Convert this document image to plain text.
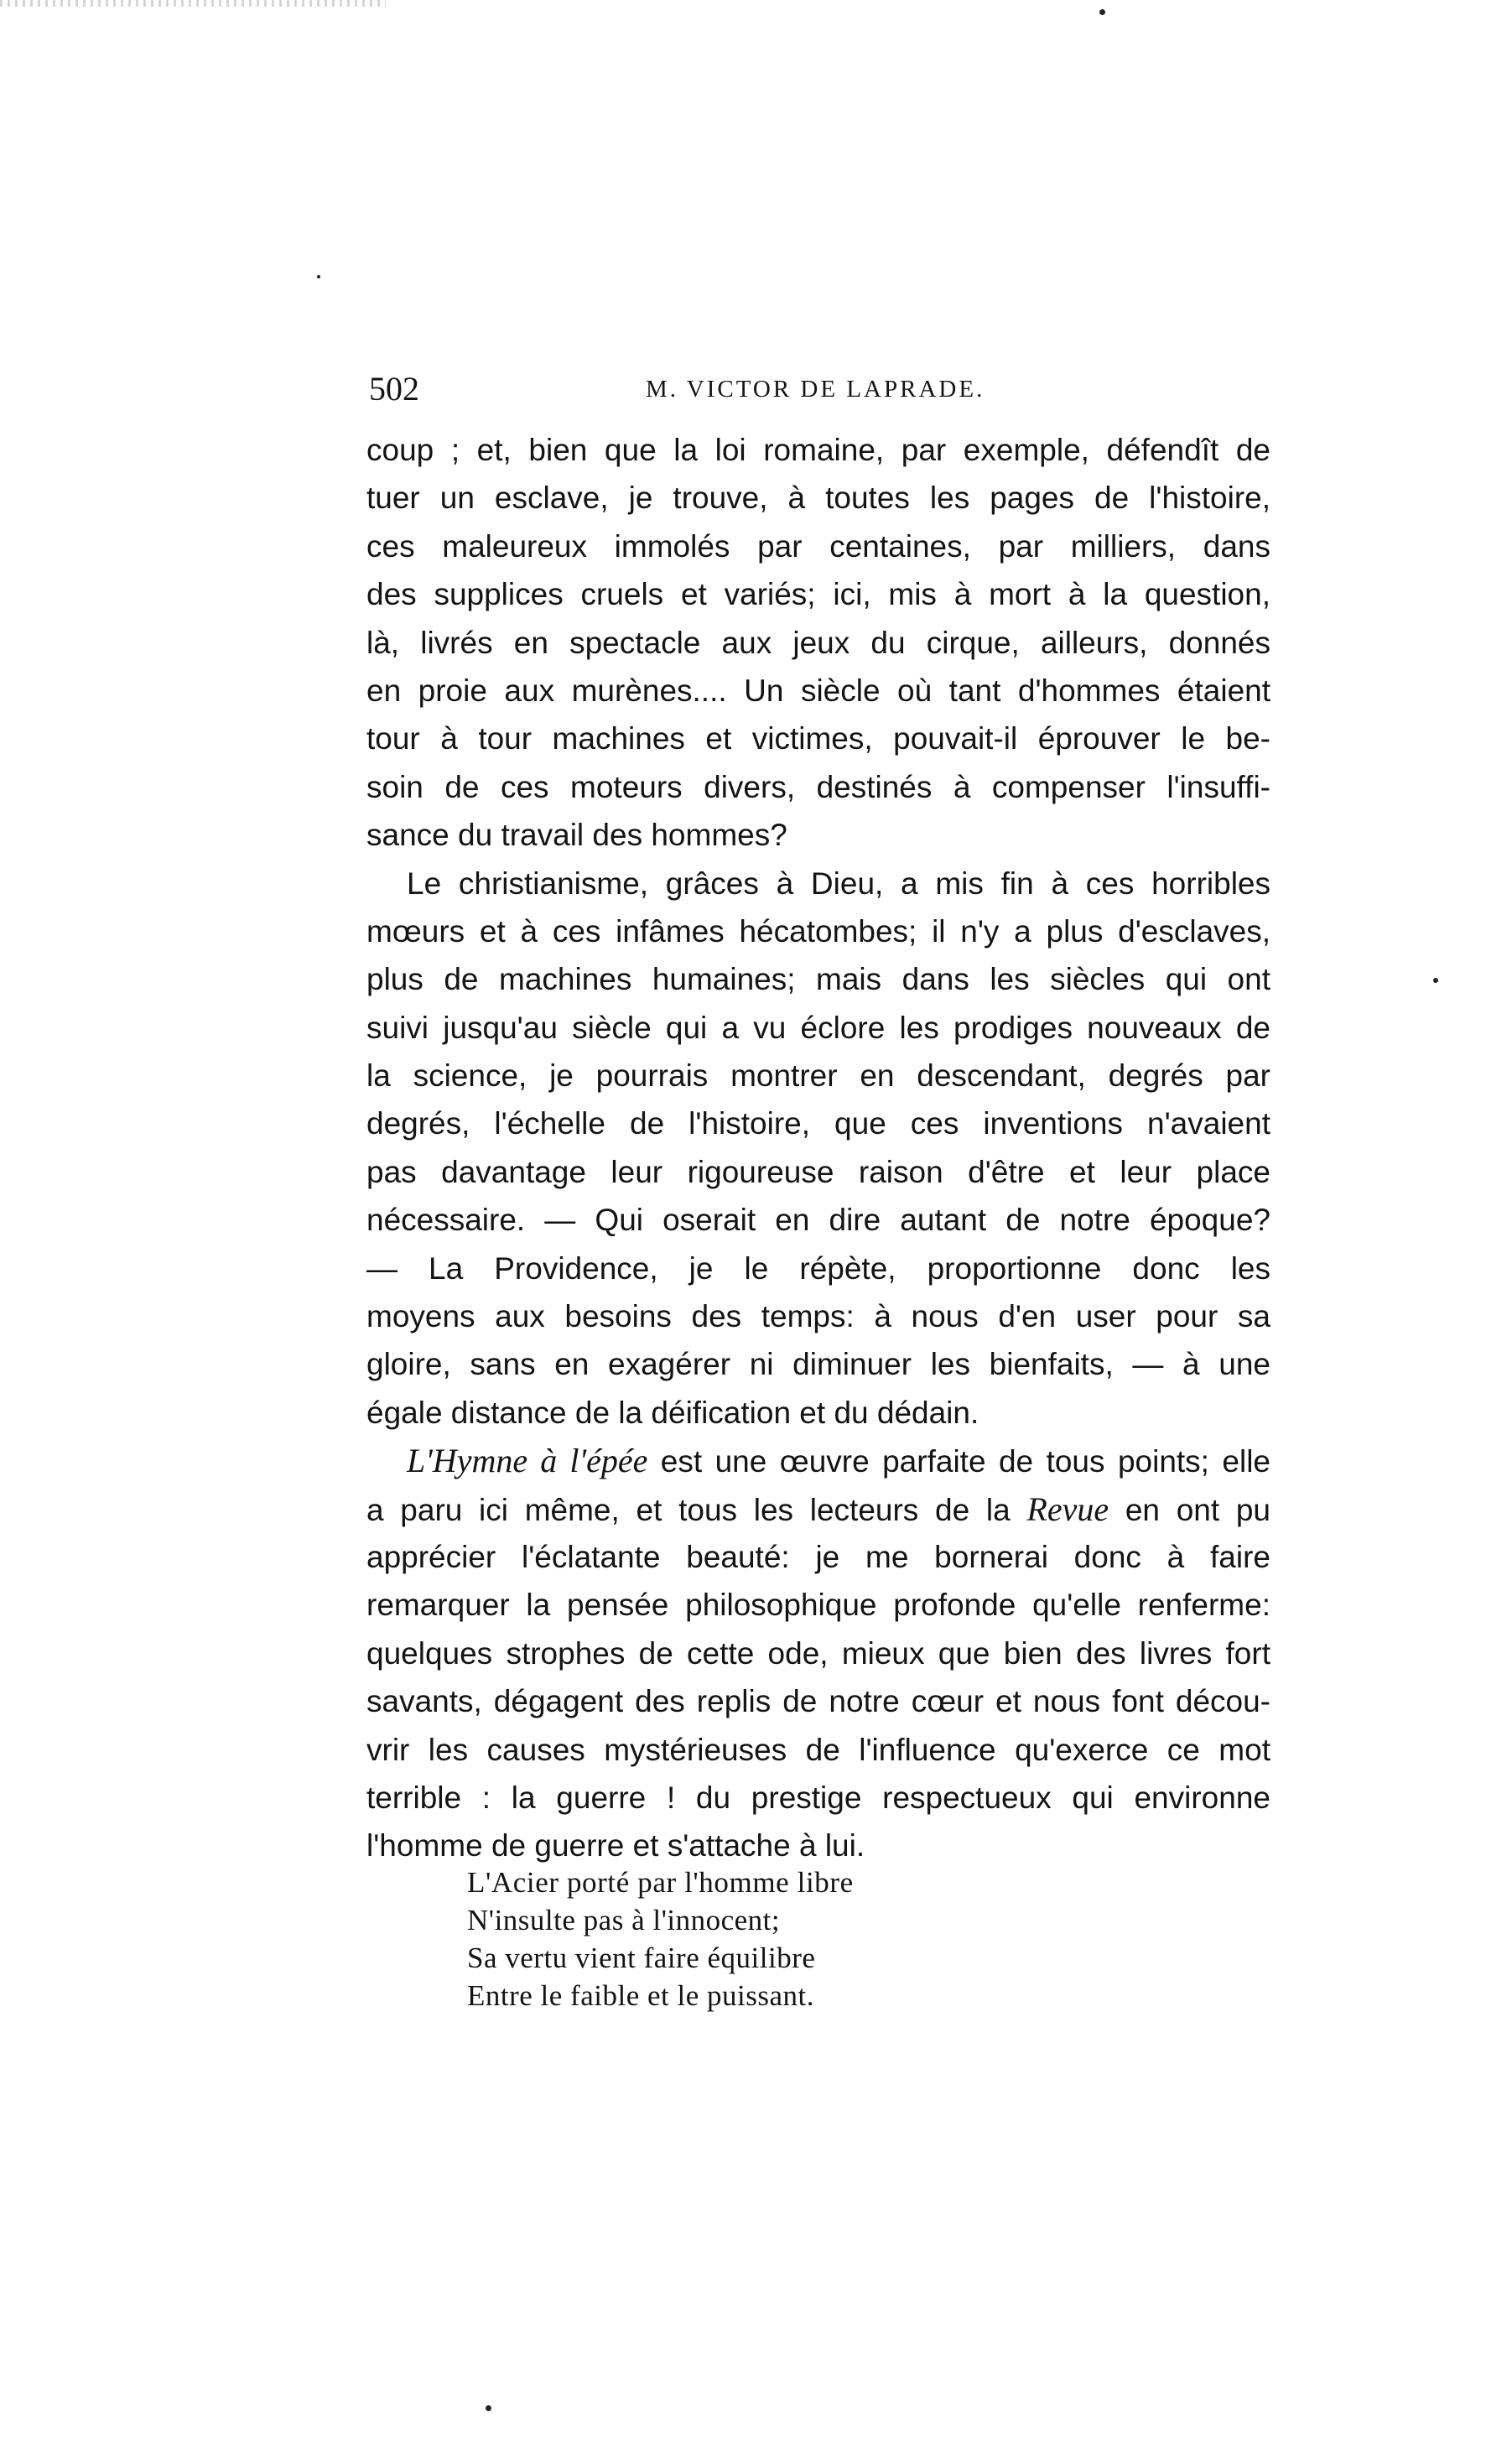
502	M. VICTOR DE LAPRADE.
coup ; et, bien que la loi romaine, par exemple, défendît de
tuer un esclave, je trouve, à toutes les pages de l'histoire,
ces maleureux immolés par centaines, par milliers, dans
des supplices cruels et variés; ici, mis à mort à la question,
là, livrés en spectacle aux jeux du cirque, ailleurs, donnés
en proie aux murènes.... Un siècle où tant d'hommes étaient
tour à tour machines et victimes, pouvait-il éprouver le be-
soin de ces moteurs divers, destinés à compenser l'insuffi-
sance du travail des hommes?
Le christianisme, grâces à Dieu, a mis fin à ces horribles
mœurs et à ces infâmes hécatombes; il n'y a plus d'esclaves,
plus de machines humaines; mais dans les siècles qui ont
suivi jusqu'au siècle qui a vu éclore les prodiges nouveaux de
la science, je pourrais montrer en descendant, degrés par
degrés, l'échelle de l'histoire, que ces inventions n'avaient
pas davantage leur rigoureuse raison d'être et leur place
nécessaire. — Qui oserait en dire autant de notre époque?
— La Providence, je le répète, proportionne donc les
moyens aux besoins des temps: à nous d'en user pour sa
gloire, sans en exagérer ni diminuer les bienfaits, — à une
égale distance de la déification et du dédain.
L'Hymne à l'épée est une œuvre parfaite de tous points; elle
a paru ici même, et tous les lecteurs de la Revue en ont pu
apprécier l'éclatante beauté: je me bornerai donc à faire
remarquer la pensée philosophique profonde qu'elle renferme:
quelques strophes de cette ode, mieux que bien des livres fort
savants, dégagent des replis de notre cœur et nous font décou-
vrir les causes mystérieuses de l'influence qu'exerce ce mot
terrible : la guerre ! du prestige respectueux qui environne
l'homme de guerre et s'attache à lui.
L'Acier porté par l'homme libre
N'insulte pas à l'innocent;
Sa vertu vient faire équilibre
Entre le faible et le puissant.
